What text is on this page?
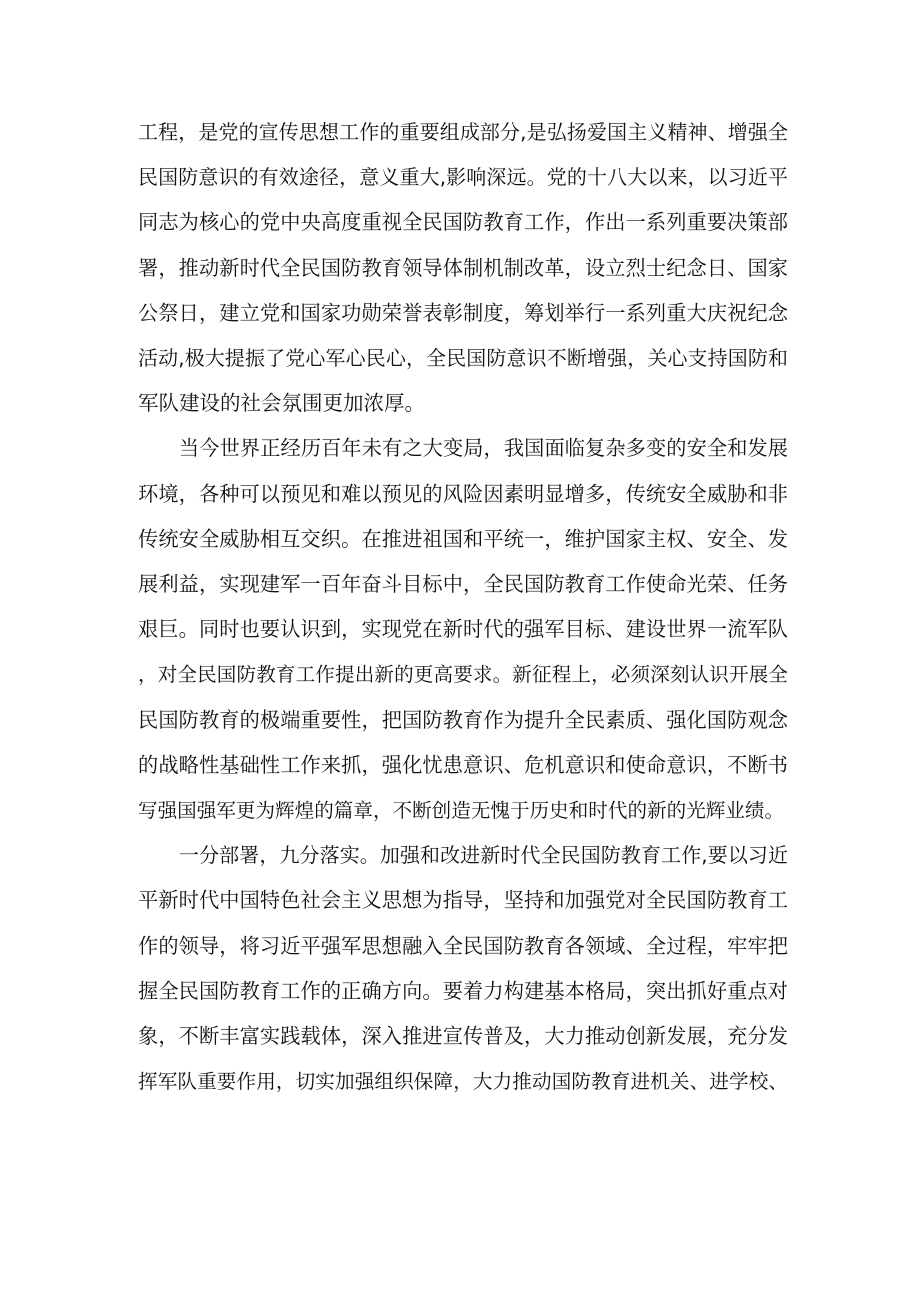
工程，是党的宣传思想工作的重要组成部分,是弘扬爱国主义精神、增强全
民国防意识的有效途径，意义重大,影响深远。党的十八大以来，以习近平
同志为核心的党中央高度重视全民国防教育工作，作出一系列重要决策部
署，推动新时代全民国防教育领导体制机制改革，设立烈士纪念日、国家
公祭日，建立党和国家功勋荣誉表彰制度，筹划举行一系列重大庆祝纪念
活动,极大提振了党心军心民心，全民国防意识不断增强，关心支持国防和
军队建设的社会氛围更加浓厚。
当今世界正经历百年未有之大变局，我国面临复杂多变的安全和发展
环境，各种可以预见和难以预见的风险因素明显增多，传统安全威胁和非
传统安全威胁相互交织。在推进祖国和平统一，维护国家主权、安全、发
展利益，实现建军一百年奋斗目标中，全民国防教育工作使命光荣、任务
艰巨。同时也要认识到，实现党在新时代的强军目标、建设世界一流军队
，对全民国防教育工作提出新的更高要求。新征程上，必须深刻认识开展全
民国防教育的极端重要性，把国防教育作为提升全民素质、强化国防观念
的战略性基础性工作来抓，强化忧患意识、危机意识和使命意识，不断书
写强国强军更为辉煌的篇章，不断创造无愧于历史和时代的新的光辉业绩。
一分部署，九分落实。加强和改进新时代全民国防教育工作,要以习近
平新时代中国特色社会主义思想为指导，坚持和加强党对全民国防教育工
作的领导，将习近平强军思想融入全民国防教育各领域、全过程，牢牢把
握全民国防教育工作的正确方向。要着力构建基本格局，突出抓好重点对
象，不断丰富实践载体，深入推进宣传普及，大力推动创新发展，充分发
挥军队重要作用，切实加强组织保障，大力推动国防教育进机关、进学校、
